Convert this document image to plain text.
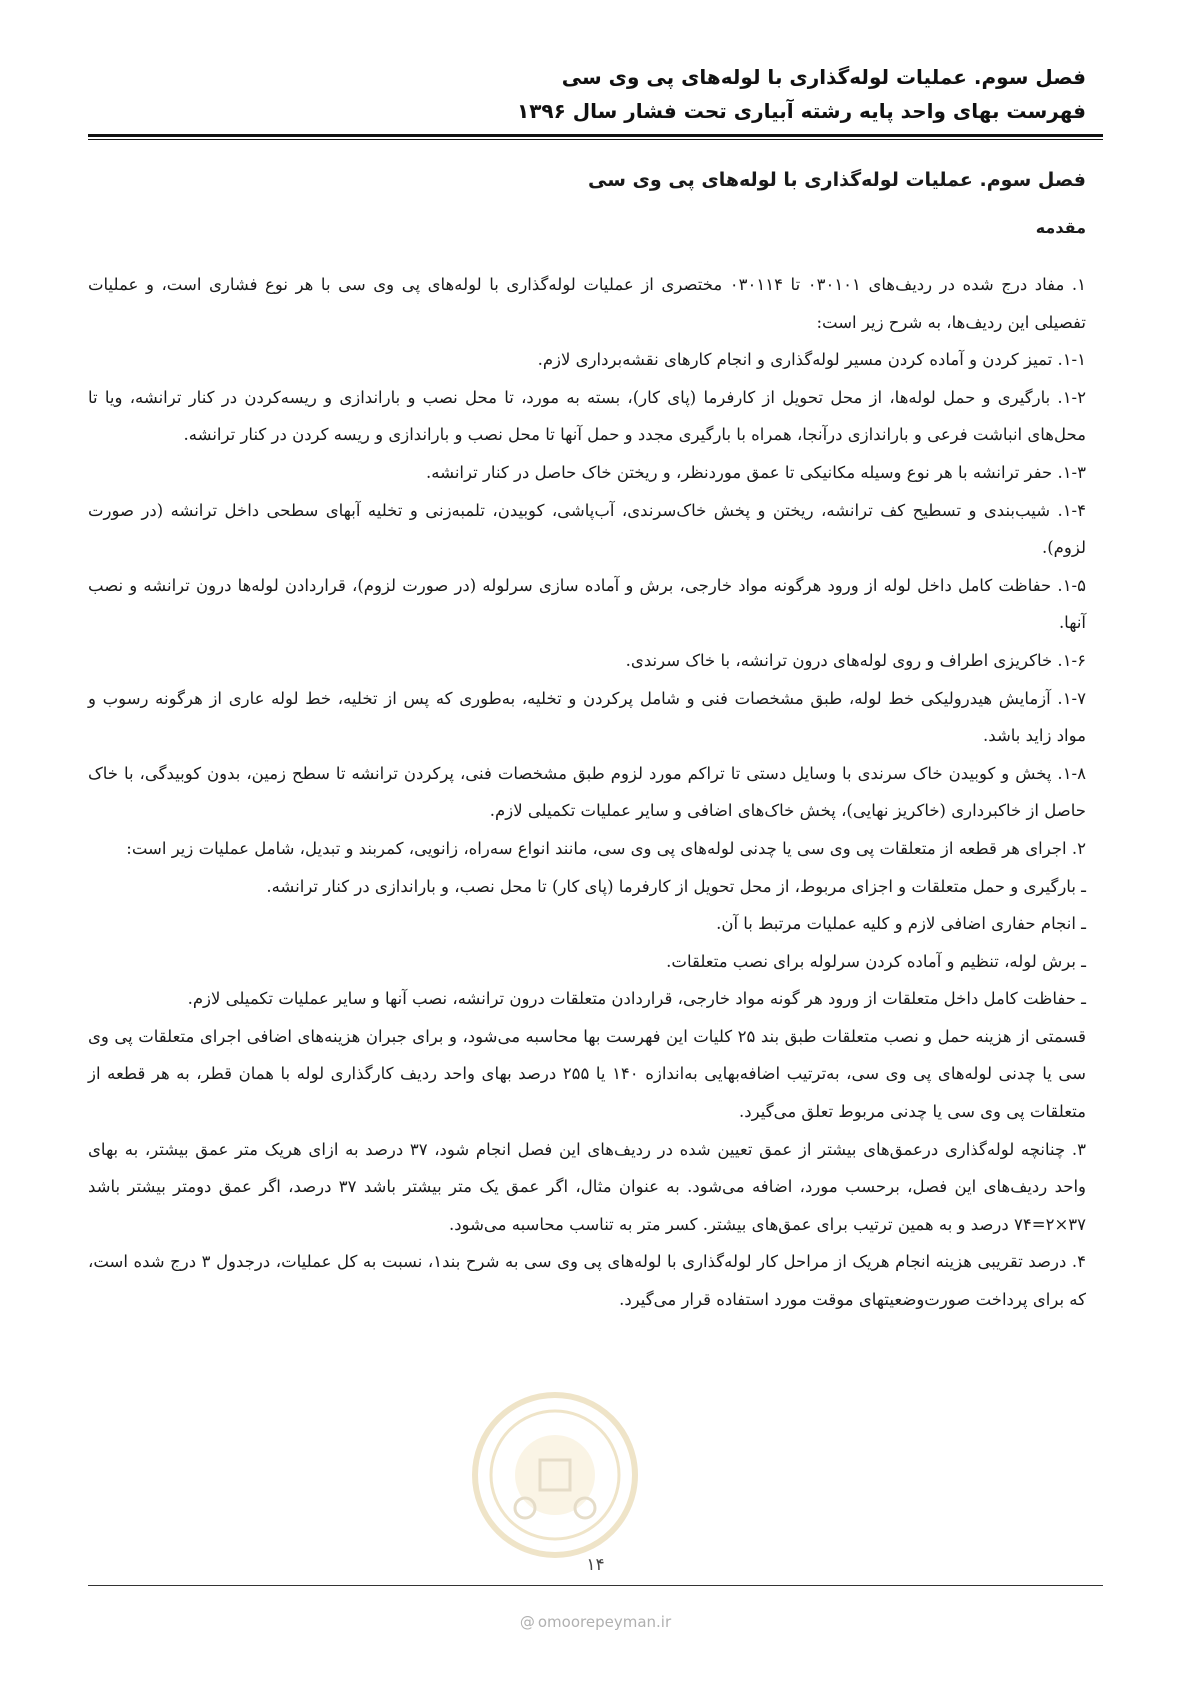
فصل سوم. عملیات لوله‌گذاری با لوله‌های پی وی سی
فهرست بهای واحد پایه رشته آبیاری تحت فشار سال ۱۳۹۶
فصل سوم. عملیات لوله‌گذاری با لوله‌های پی وی سی
مقدمه

۱. مفاد درج شده در ردیف‌های ۰۳۰۱۰۱ تا ۰۳۰۱۱۴ مختصری از عملیات لوله‌گذاری با لوله‌های پی وی سی با هر نوع فشاری است، و عملیات تفصیلی این ردیف‌ها، به شرح زیر است:

۱-۱. تمیز کردن و آماده کردن مسیر لوله‌گذاری و انجام کارهای نقشه‌برداری لازم.

۱-۲. بارگیری و حمل لوله‌ها، از محل تحویل از کارفرما (پای کار)، بسته به مورد، تا محل نصب و باراندازی و ریسه‌کردن در کنار ترانشه، ویا تا محل‌های انباشت فرعی و باراندازی درآنجا، همراه با بارگیری مجدد و حمل آنها تا محل نصب و باراندازی و ریسه کردن در کنار ترانشه.

۱-۳. حفر ترانشه با هر نوع وسیله مکانیکی تا عمق موردنظر، و ریختن خاک حاصل در کنار ترانشه.

۱-۴. شیب‌بندی و تسطیح کف ترانشه، ریختن و پخش خاک‌سرندی، آب‌پاشی، کوبیدن، تلمبه‌زنی و تخلیه آبهای سطحی داخل ترانشه (در صورت لزوم).

۱-۵. حفاظت کامل داخل لوله از ورود هرگونه مواد خارجی، برش و آماده سازی سرلوله (در صورت لزوم)، قراردادن لوله‌ها درون ترانشه و نصب آنها.

۱-۶. خاکریزی اطراف و روی لوله‌های درون ترانشه، با خاک سرندی.

۱-۷. آزمایش هیدرولیکی خط لوله، طبق مشخصات فنی و شامل پرکردن و تخلیه، به‌طوری که پس از تخلیه، خط لوله عاری از هرگونه رسوب و مواد زاید باشد.

۱-۸. پخش و کوبیدن خاک سرندی با وسایل دستی تا تراکم مورد لزوم طبق مشخصات فنی، پرکردن ترانشه تا سطح زمین، بدون کوبیدگی، با خاک حاصل از خاکبرداری (خاکریز نهایی)، پخش خاک‌های اضافی و سایر عملیات تکمیلی لازم.

۲. اجرای هر قطعه از متعلقات پی وی سی یا چدنی لوله‌های پی وی سی، مانند انواع سه‌راه، زانویی، کمربند و تبدیل، شامل عملیات زیر است:

ـ بارگیری و حمل متعلقات و اجزای مربوط، از محل تحویل از کارفرما (پای کار) تا محل نصب، و باراندازی در کنار ترانشه.

ـ انجام حفاری اضافی لازم و کلیه عملیات مرتبط با آن.

ـ برش لوله، تنظیم و آماده کردن سرلوله برای نصب متعلقات.

ـ حفاظت کامل داخل متعلقات از ورود هر گونه مواد خارجی، قراردادن متعلقات درون ترانشه، نصب آنها و سایر عملیات تکمیلی لازم.

قسمتی از هزینه حمل و نصب متعلقات طبق بند ۲۵ کلیات این فهرست بها محاسبه می‌شود، و برای جبران هزینه‌های اضافی اجرای متعلقات پی وی سی یا چدنی لوله‌های پی وی سی، به‌ترتیب اضافه‌بهایی به‌اندازه ۱۴۰ یا ۲۵۵ درصد بهای واحد ردیف کارگذاری لوله با همان قطر، به هر قطعه از متعلقات پی وی سی یا چدنی مربوط تعلق می‌گیرد.

۳. چنانچه لوله‌گذاری درعمق‌های بیشتر از عمق تعیین شده در ردیف‌های این فصل انجام شود، ۳۷ درصد به ازای هریک متر عمق بیشتر، به بهای واحد ردیف‌های این فصل، برحسب مورد، اضافه می‌شود. به عنوان مثال، اگر عمق یک متر بیشتر باشد ۳۷ درصد، اگر عمق دومتر بیشتر باشد ۳۷×۲=۷۴ درصد و به همین ترتیب برای عمق‌های بیشتر. کسر متر به تناسب محاسبه می‌شود.

۴. درصد تقریبی هزینه انجام هریک از مراحل کار لوله‌گذاری با لوله‌های پی وی سی به شرح بند۱، نسبت به کل عملیات، درجدول ۳ درج شده است، که برای پرداخت صورت‌وضعیتهای موقت مورد استفاده قرار می‌گیرد.

۱۴
@ omoorepeyman.ir
